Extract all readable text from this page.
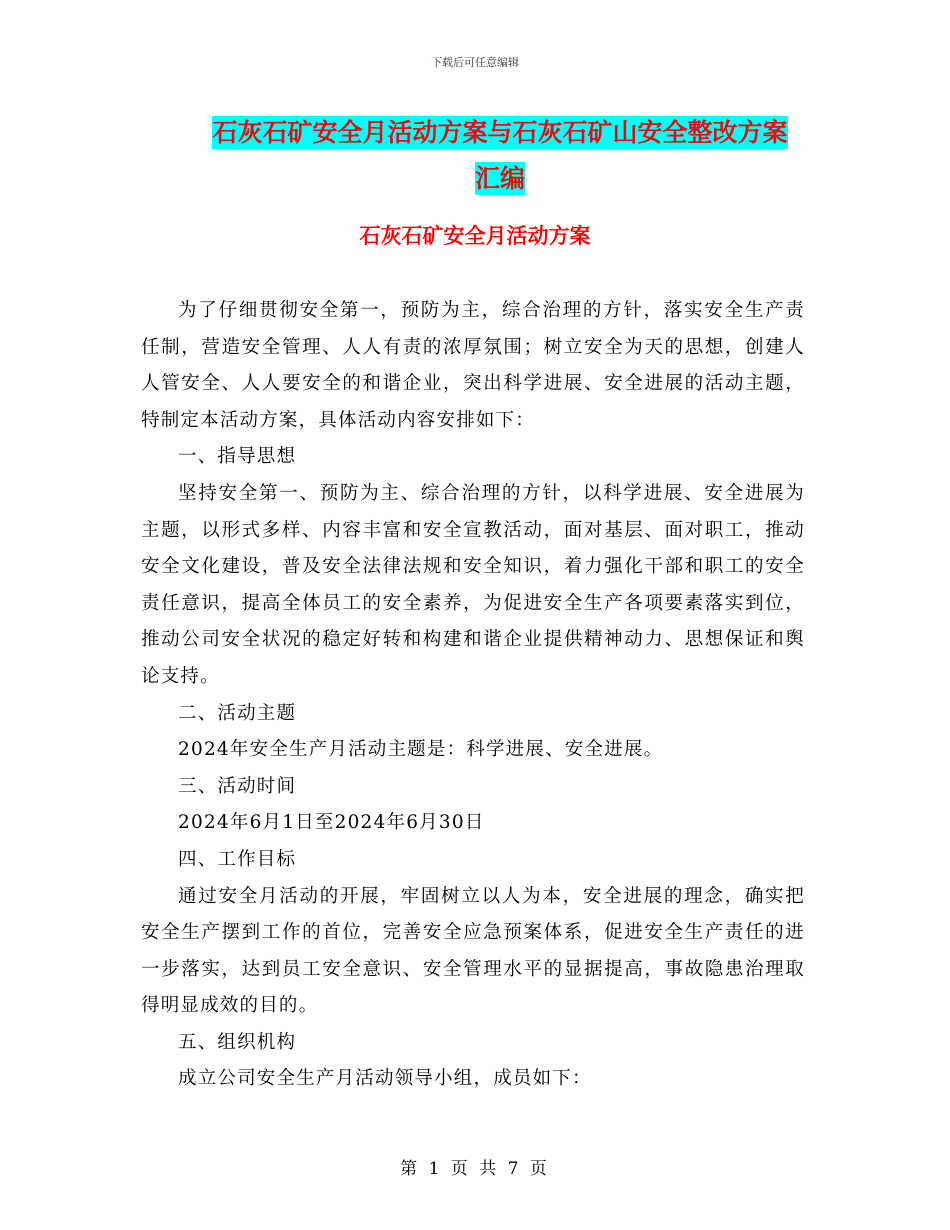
下载后可任意编辑
石灰石矿安全月活动方案与石灰石矿山安全整改方案
汇编
石灰石矿安全月活动方案

为了仔细贯彻安全第一，预防为主，综合治理的方针，落实安全生产责任制，营造安全管理、人人有责的浓厚氛围；树立安全为天的思想，创建人人管安全、人人要安全的和谐企业，突出科学进展、安全进展的活动主题，特制定本活动方案，具体活动内容安排如下：

一、指导思想

坚持安全第一、预防为主、综合治理的方针，以科学进展、安全进展为主题，以形式多样、内容丰富和安全宣教活动，面对基层、面对职工，推动安全文化建设，普及安全法律法规和安全知识，着力强化干部和职工的安全责任意识，提高全体员工的安全素养，为促进安全生产各项要素落实到位，推动公司安全状况的稳定好转和构建和谐企业提供精神动力、思想保证和舆论支持。

二、活动主题

2024年安全生产月活动主题是：科学进展、安全进展。

三、活动时间

2024年6月1日至2024年6月30日

四、工作目标

通过安全月活动的开展，牢固树立以人为本，安全进展的理念，确实把安全生产摆到工作的首位，完善安全应急预案体系，促进安全生产责任的进一步落实，达到员工安全意识、安全管理水平的显据提高，事故隐患治理取得明显成效的目的。

五、组织机构

成立公司安全生产月活动领导小组，成员如下：

第 1 页 共 7 页
